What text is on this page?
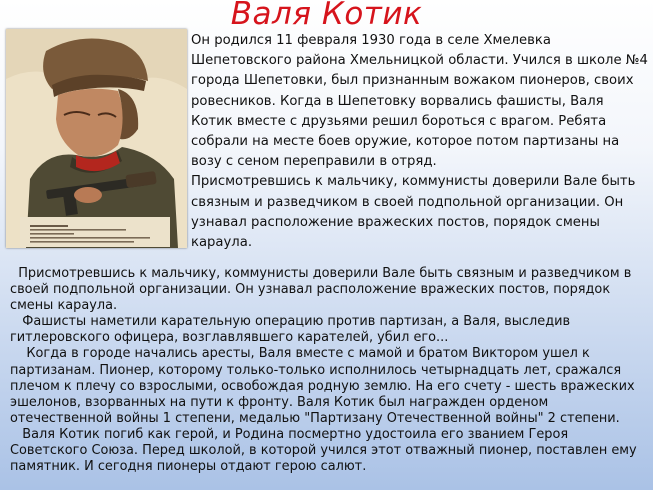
Валя Котик

Он родился 11 февраля 1930 года в селе Хмелевка Шепетовского района Хмельницкой области. Учился в школе №4 города Шепетовки, был признанным вожаком пионеров, своих ровесников. Когда в Шепетовку ворвались фашисты, Валя Котик вместе с друзьями решил бороться с врагом. Ребята собрали на месте боев оружие, которое потом партизаны на возу с сеном переправили в отряд.

Присмотревшись к мальчику, коммунисты доверили Вале быть связным и разведчиком в своей подпольной организации. Он узнавал расположение вражеских постов, порядок смены караула.

Присмотревшись к мальчику, коммунисты доверили Вале быть связным и разведчиком в своей подпольной организации. Он узнавал расположение вражеских постов, порядок смены караула.

Фашисты наметили карательную операцию против партизан, а Валя, выследив гитлеровского офицера, возглавлявшего карателей, убил его...

Когда в городе начались аресты, Валя вместе с мамой и братом Виктором ушел к партизанам. Пионер, которому только-только исполнилось четырнадцать лет, сражался плечом к плечу со взрослыми, освобождая родную землю. На его счету - шесть вражеских эшелонов, взорванных на пути к фронту. Валя Котик был награжден орденом отечественной войны 1 степени, медалью "Партизану Отечественной войны" 2 степени.

Валя Котик погиб как герой, и Родина посмертно удостоила его званием Героя Советского Союза. Перед школой, в которой учился этот отважный пионер, поставлен ему памятник. И сегодня пионеры отдают герою салют.
